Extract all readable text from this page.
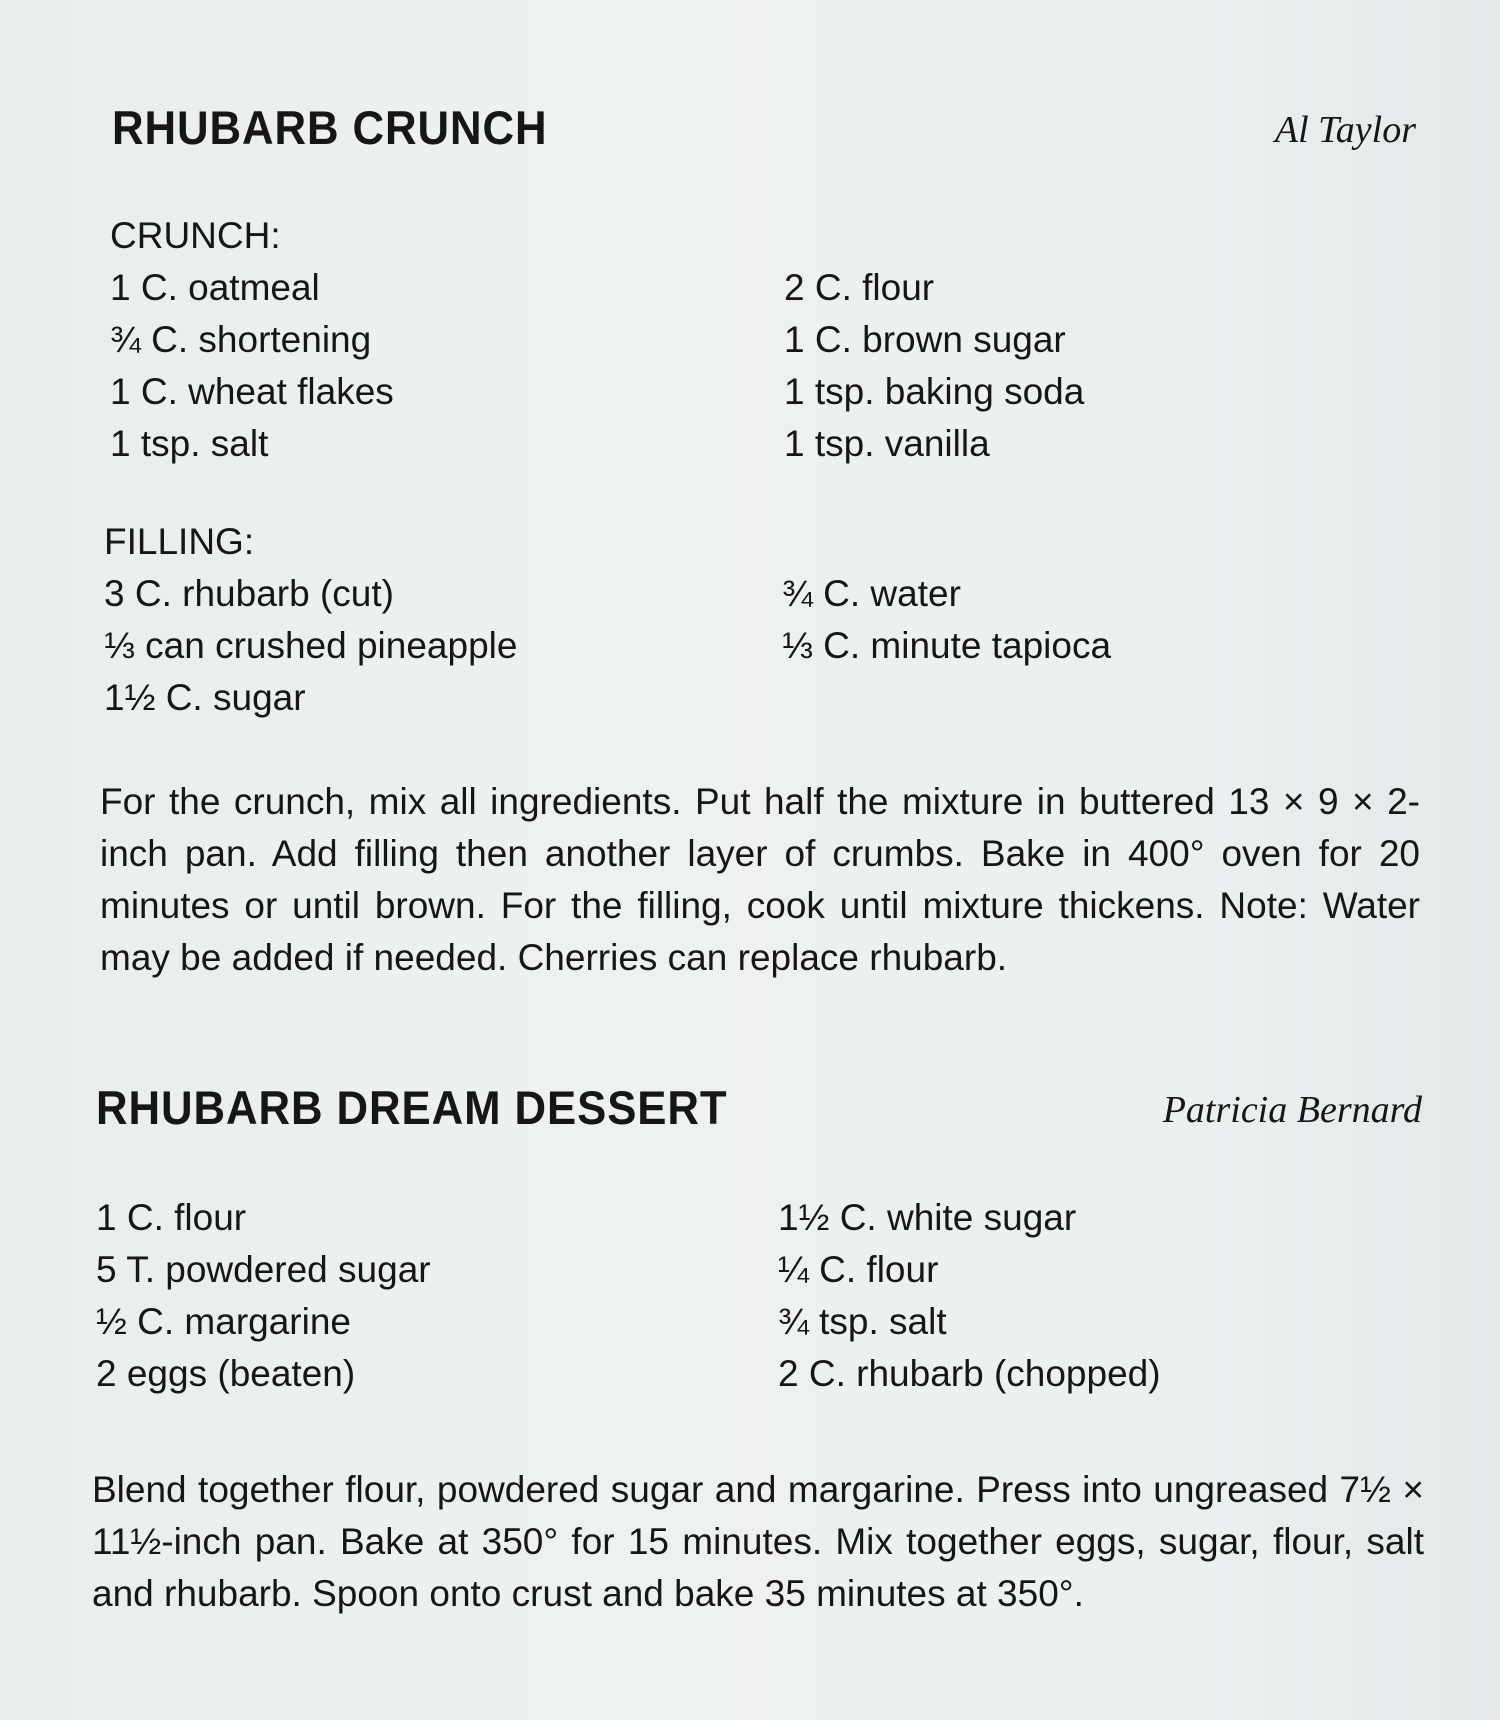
RHUBARB CRUNCH	Al Taylor
CRUNCH:
1 C. oatmeal
¾ C. shortening
1 C. wheat flakes
1 tsp. salt
2 C. flour
1 C. brown sugar
1 tsp. baking soda
1 tsp. vanilla
FILLING:
3 C. rhubarb (cut)
⅓ can crushed pineapple
1½ C. sugar
¾ C. water
⅓ C. minute tapioca
For the crunch, mix all ingredients. Put half the mixture in buttered 13 × 9 × 2-inch pan. Add filling then another layer of crumbs. Bake in 400° oven for 20 minutes or until brown. For the filling, cook until mixture thickens. Note: Water may be added if needed. Cherries can replace rhubarb.
RHUBARB DREAM DESSERT	Patricia Bernard
1 C. flour
5 T. powdered sugar
½ C. margarine
2 eggs (beaten)
1½ C. white sugar
¼ C. flour
¾ tsp. salt
2 C. rhubarb (chopped)
Blend together flour, powdered sugar and margarine. Press into ungreased 7½ × 11½-inch pan. Bake at 350° for 15 minutes. Mix together eggs, sugar, flour, salt and rhubarb. Spoon onto crust and bake 35 minutes at 350°.
